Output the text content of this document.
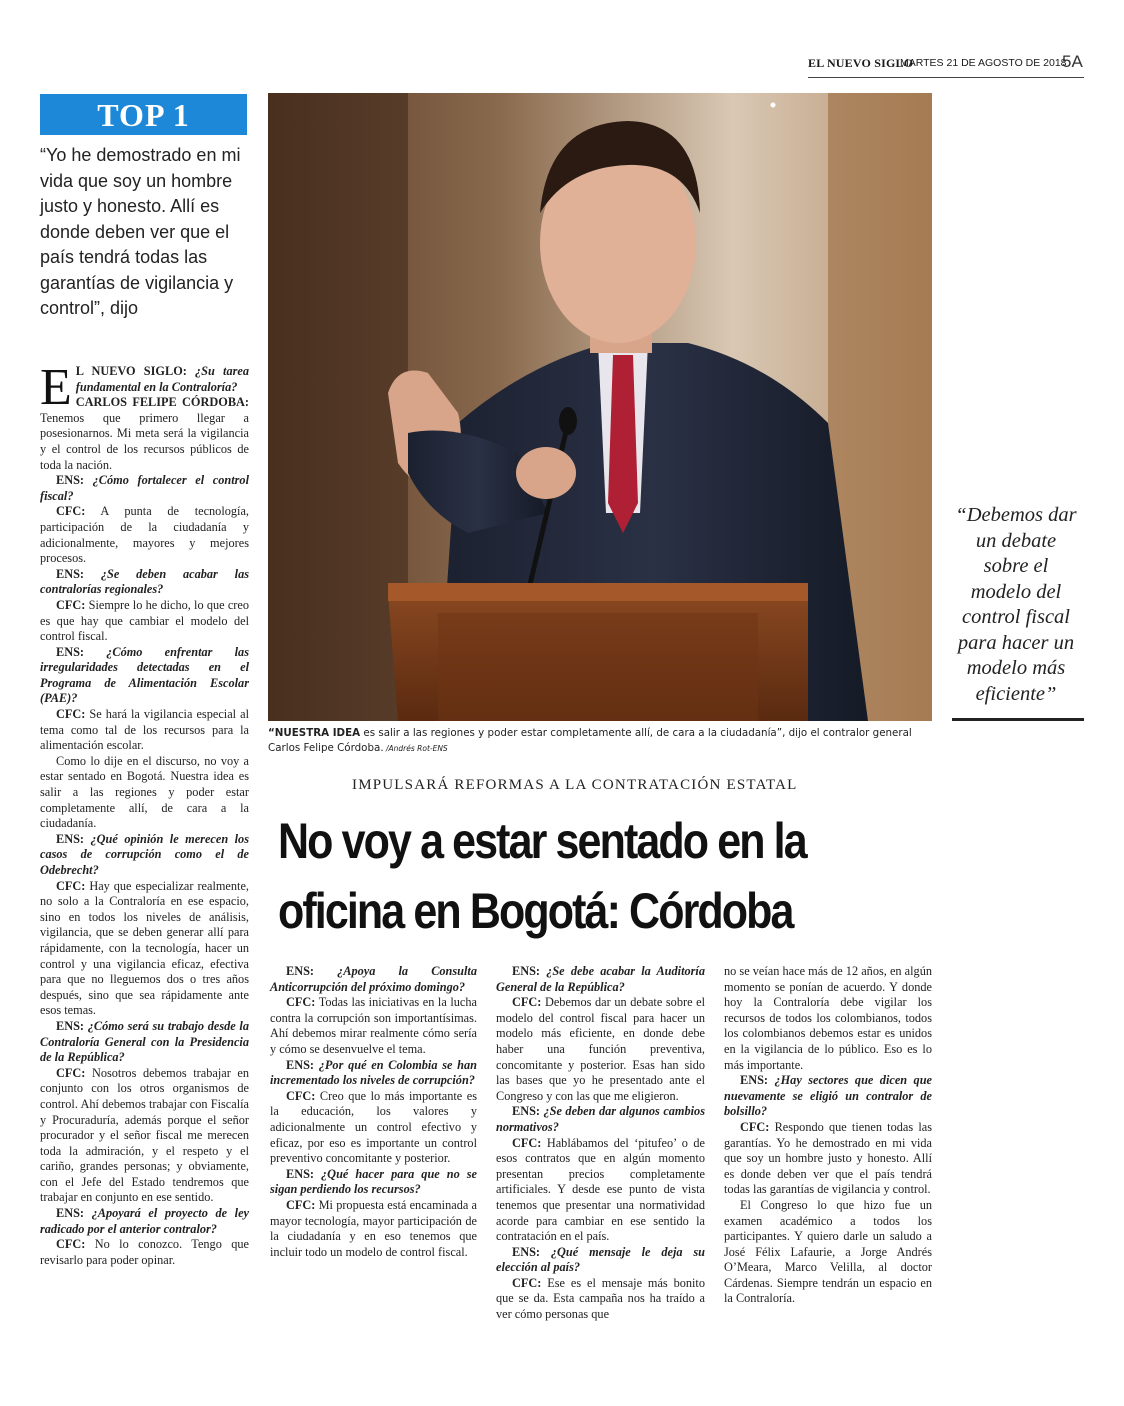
EL NUEVO SIGLO
MARTES 21 DE AGOSTO DE 2018
5A
TOP 1
“Yo he demostrado en mi vida que soy un hombre justo y honesto. Allí es donde deben ver que el país tendrá todas las garantías de vigilancia y control”, dijo

E L NUEVO SIGLO: ¿Su tarea fundamental en la Contraloría?
CARLOS FELIPE CÓRDOBA: Tenemos que primero llegar a posesionarnos. Mi meta será la vigilancia y el control de los recursos públicos de toda la nación.

ENS: ¿Cómo fortalecer el control fiscal?

CFC: A punta de tecnología, participación de la ciudadanía y adicionalmente, mayores y mejores procesos.

ENS: ¿Se deben acabar las contralorías regionales?

CFC: Siempre lo he dicho, lo que creo es que hay que cambiar el modelo del control fiscal.

ENS: ¿Cómo enfrentar las irregularidades detectadas en el Programa de Alimentación Escolar (PAE)?

CFC: Se hará la vigilancia especial al tema como tal de los recursos para la alimentación escolar.

Como lo dije en el discurso, no voy a estar sentado en Bogotá. Nuestra idea es salir a las regiones y poder estar completamente allí, de cara a la ciudadanía.

ENS: ¿Qué opinión le merecen los casos de corrupción como el de Odebrecht?

CFC: Hay que especializar realmente, no solo a la Contraloría en ese espacio, sino en todos los niveles de análisis, vigilancia, que se deben generar allí para rápidamente, con la tecnología, hacer un control y una vigilancia eficaz, efectiva para que no lleguemos dos o tres años después, sino que sea rápidamente ante esos temas.

ENS: ¿Cómo será su trabajo desde la Contraloría General con la Presidencia de la República?

CFC: Nosotros debemos trabajar en conjunto con los otros organismos de control. Ahí debemos trabajar con Fiscalía y Procuraduría, además porque el señor procurador y el señor fiscal me merecen toda la admiración, y el respeto y el cariño, grandes personas; y obviamente, con el Jefe del Estado tendremos que trabajar en conjunto en ese sentido.

ENS: ¿Apoyará el proyecto de ley radicado por el anterior contralor?

CFC: No lo conozco. Tengo que revisarlo para poder opinar.

“NUESTRA IDEA es salir a las regiones y poder estar completamente allí, de cara a la ciudadanía”, dijo el contralor general Carlos Felipe Córdoba. /Andrés Rot-ENS
“Debemos dar un debate sobre el modelo del control fiscal para hacer un modelo más eficiente”
IMPULSARÁ REFORMAS A LA CONTRATACIÓN ESTATAL
No voy a estar sentado en la
oficina en Bogotá: Córdoba

ENS: ¿Apoya la Consulta Anticorrupción del próximo domingo?

CFC: Todas las iniciativas en la lucha contra la corrupción son importantísimas. Ahí debemos mirar realmente cómo sería y cómo se desenvuelve el tema.

ENS: ¿Por qué en Colombia se han incrementado los niveles de corrupción?

CFC: Creo que lo más importante es la educación, los valores y adicionalmente un control efectivo y eficaz, por eso es importante un control preventivo concomitante y posterior.

ENS: ¿Qué hacer para que no se sigan perdiendo los recursos?

CFC: Mi propuesta está encaminada a mayor tecnología, mayor participación de la ciudadanía y en eso tenemos que incluir todo un modelo de control fiscal.

ENS: ¿Se debe acabar la Auditoría General de la República?

CFC: Debemos dar un debate sobre el modelo del control fiscal para hacer un modelo más eficiente, en donde debe haber una función preventiva, concomitante y posterior. Esas han sido las bases que yo he presentado ante el Congreso y con las que me eligieron.

ENS: ¿Se deben dar algunos cambios normativos?

CFC: Hablábamos del ‘pitufeo’ o de esos contratos que en algún momento presentan precios completamente artificiales. Y desde ese punto de vista tenemos que presentar una normatividad acorde para cambiar en ese sentido la contratación en el país.

ENS: ¿Qué mensaje le deja su elección al país?

CFC: Ese es el mensaje más bonito que se da. Esta campaña nos ha traído a ver cómo personas que

no se veían hace más de 12 años, en algún momento se ponían de acuerdo. Y donde hoy la Contraloría debe vigilar los recursos de todos los colombianos, todos los colombianos debemos estar es unidos en la vigilancia de lo público. Eso es lo más importante.

ENS: ¿Hay sectores que dicen que nuevamente se eligió un contralor de bolsillo?

CFC: Respondo que tienen todas las garantías. Yo he demostrado en mi vida que soy un hombre justo y honesto. Allí es donde deben ver que el país tendrá todas las garantías de vigilancia y control.

El Congreso lo que hizo fue un examen académico a todos los participantes. Y quiero darle un saludo a José Félix Lafaurie, a Jorge Andrés O’Meara, Marco Velilla, al doctor Cárdenas. Siempre tendrán un espacio en la Contraloría.
